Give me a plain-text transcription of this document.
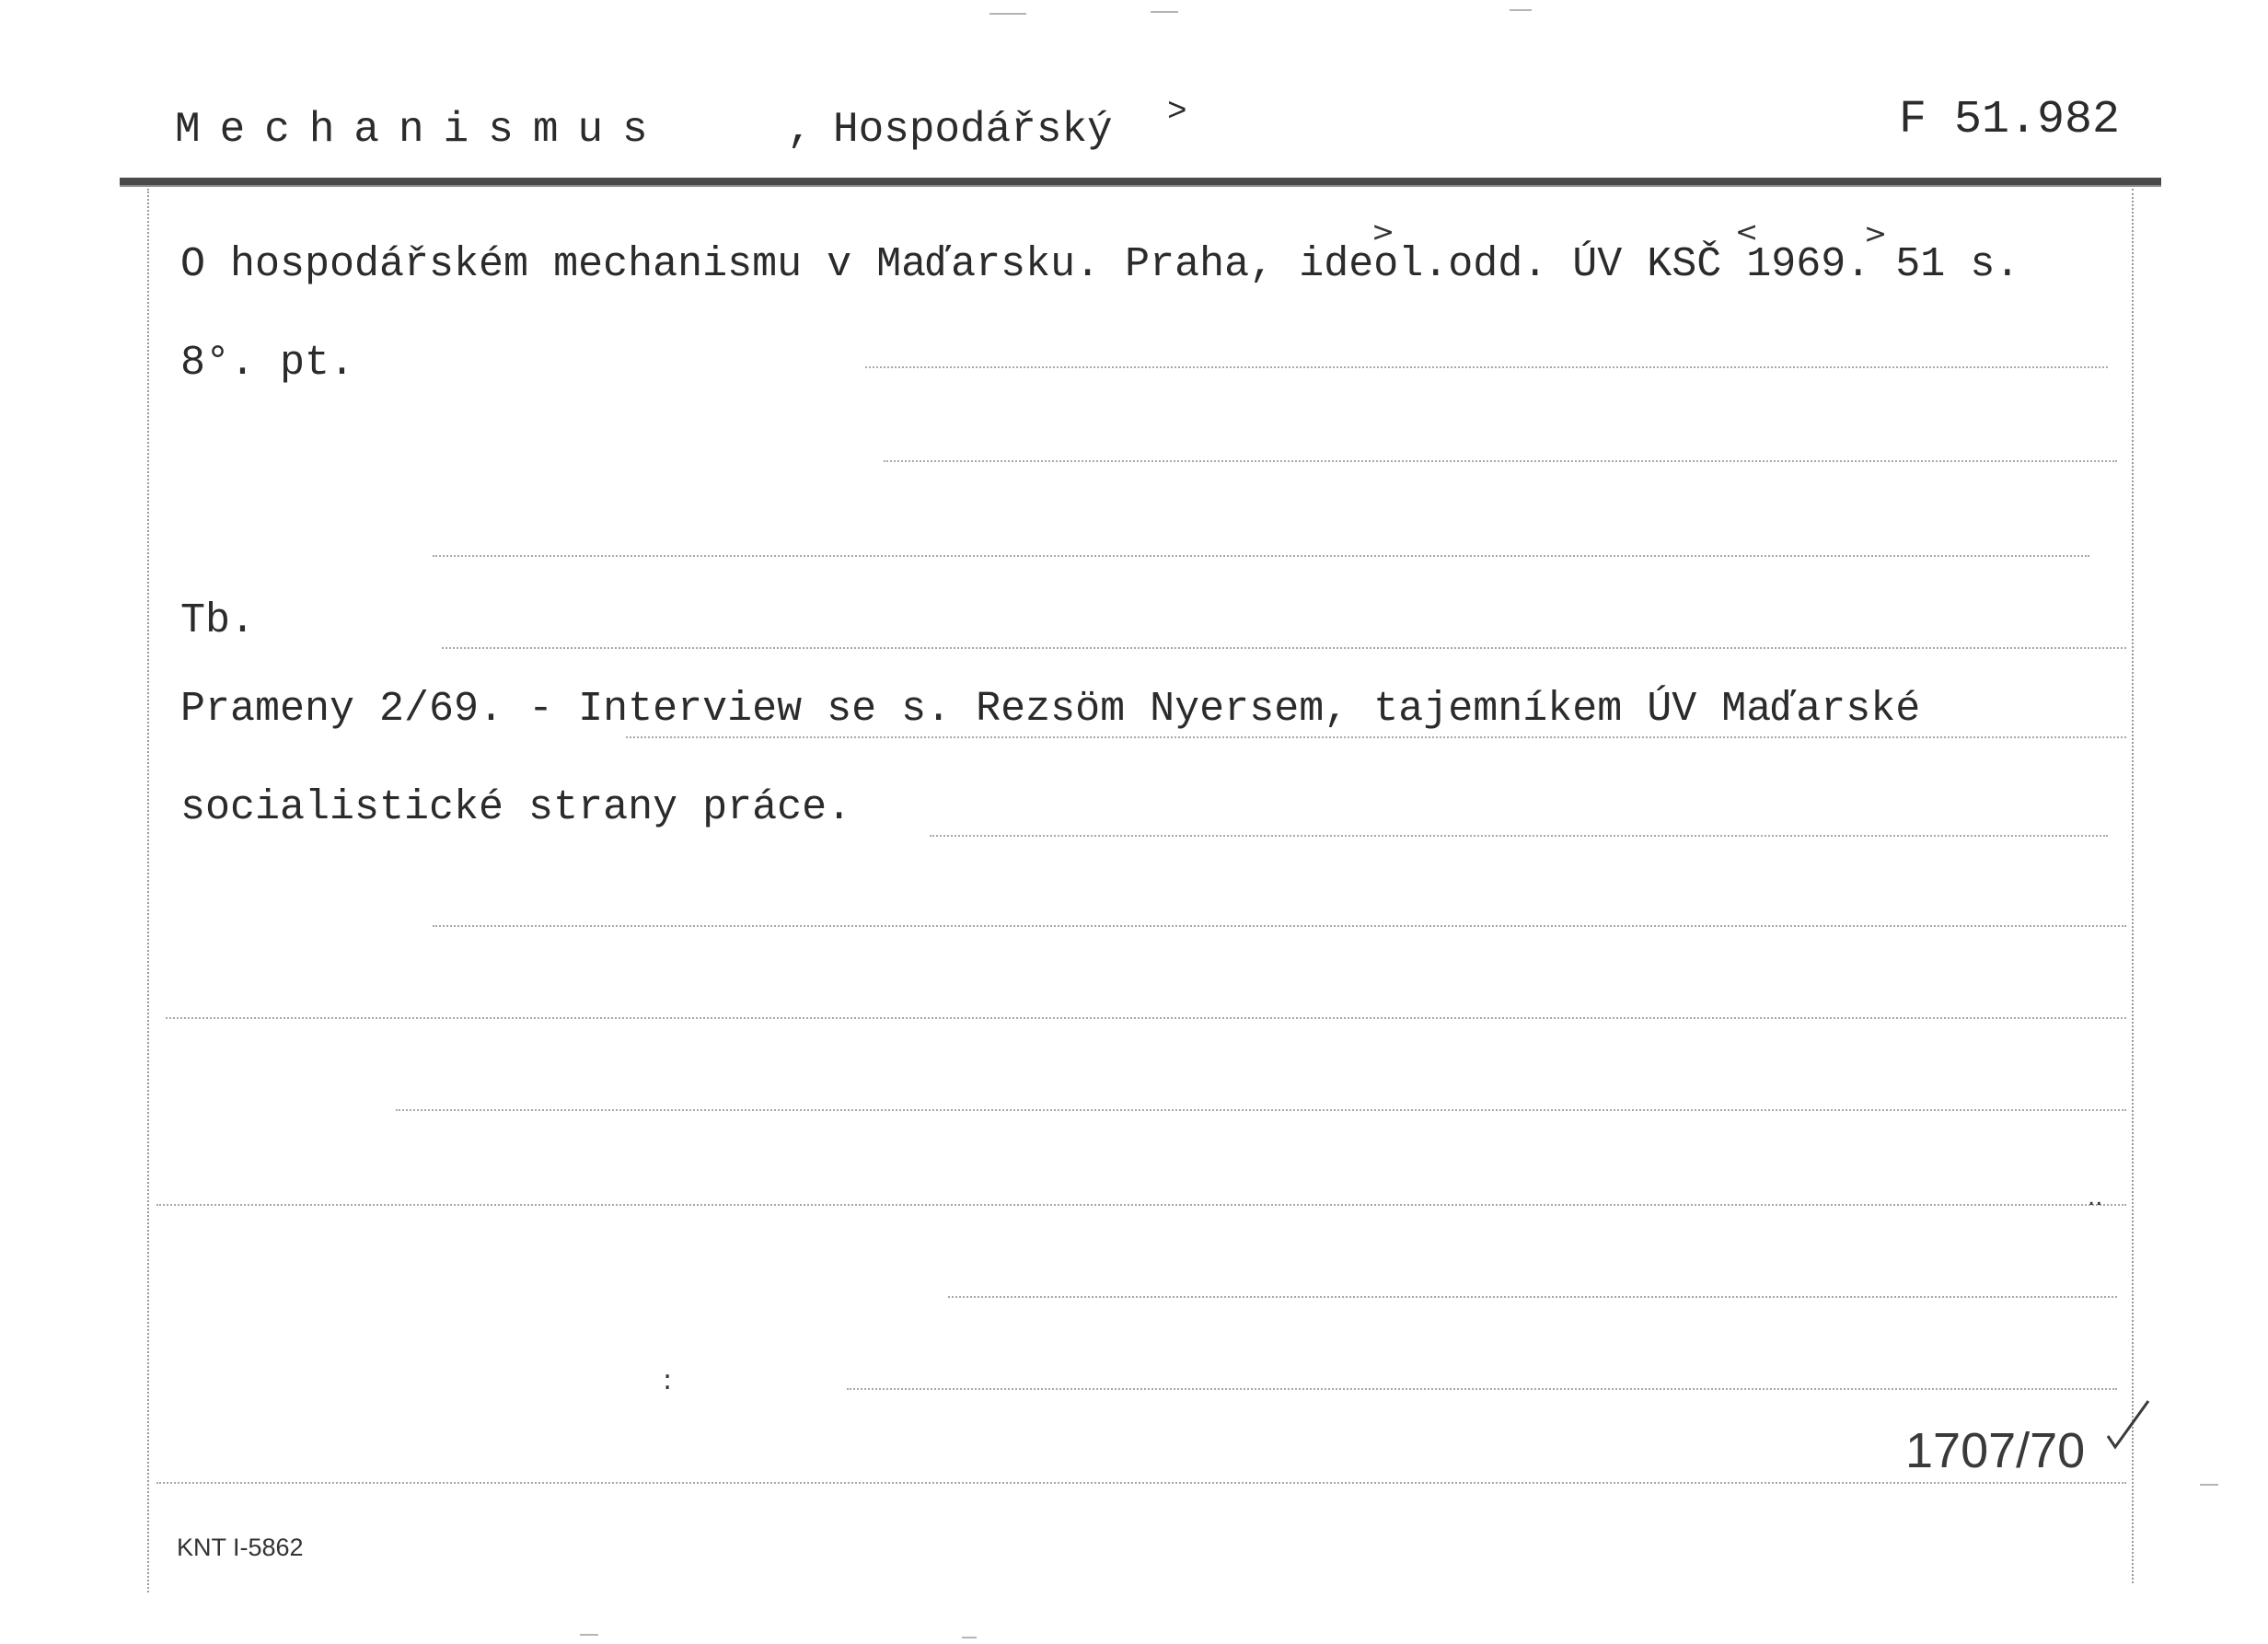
Mechanismus	, Hospodářský >	F 51.982
O hospodářském mechanismu v Maďarsku. Praha, ideol.odd. ÚV KSČ 1969. 51 s.
>	<	>
8°. pt.
Tb.
Prameny 2/69. - Interview se s. Rezsöm Nyersem, tajemníkem ÚV Maďarské
socialistické strany práce.
:
..
1707/70
KNT I-5862
